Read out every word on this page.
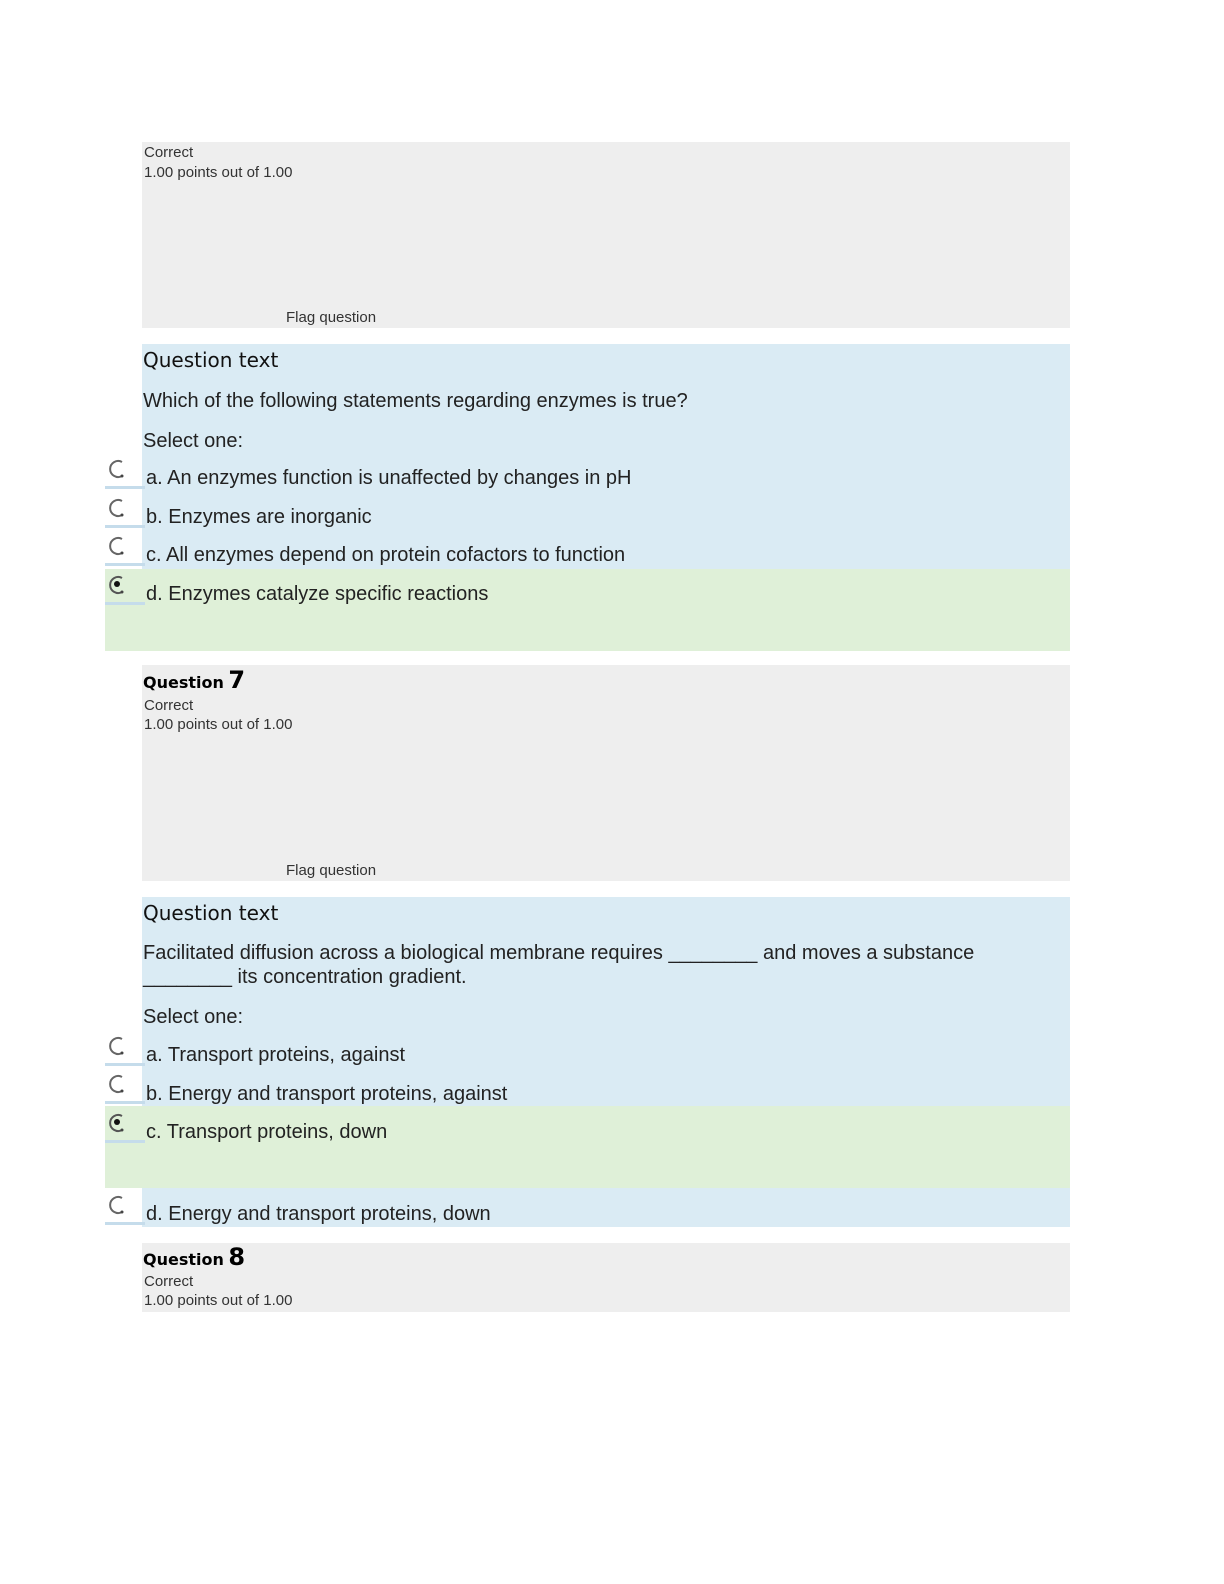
Correct
1.00 points out of 1.00
Flag question
Question text
Which of the following statements regarding enzymes is true?
Select one:
a. An enzymes function is unaffected by changes in pH
b. Enzymes are inorganic
c. All enzymes depend on protein cofactors to function
d. Enzymes catalyze specific reactions
Question 7
Correct
1.00 points out of 1.00
Flag question
Question text
Facilitated diffusion across a biological membrane requires ________ and moves a substance
________ its concentration gradient.
Select one:
a. Transport proteins, against
b. Energy and transport proteins, against
c. Transport proteins, down
d. Energy and transport proteins, down
Question 8
Correct
1.00 points out of 1.00
